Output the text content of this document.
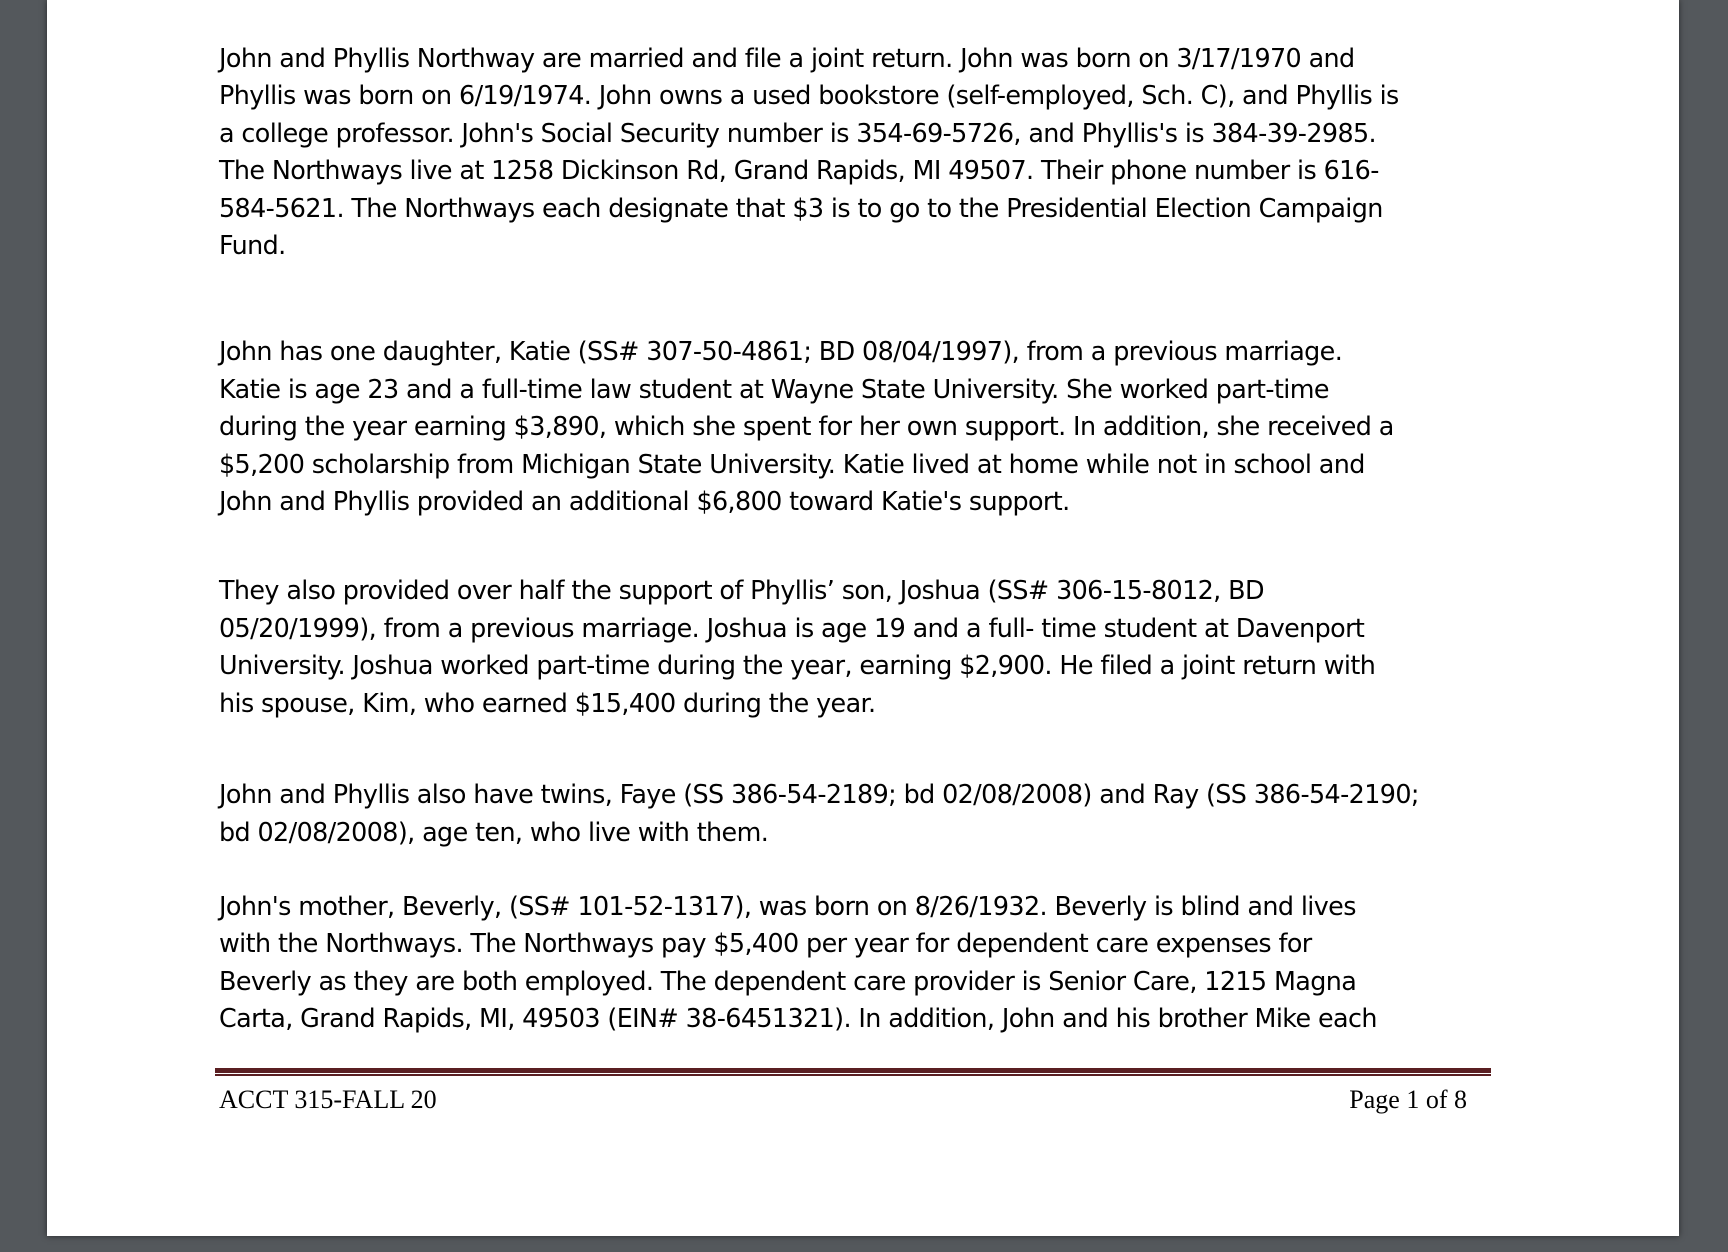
John and Phyllis Northway are married and file a joint return. John was born on 3/17/1970 and
Phyllis was born on 6/19/1974. John owns a used bookstore (self-employed, Sch. C), and Phyllis is
a college professor. John's Social Security number is 354-69-5726, and Phyllis's is 384-39-2985.
The Northways live at 1258 Dickinson Rd, Grand Rapids, MI 49507. Their phone number is 616-
584-5621. The Northways each designate that $3 is to go to the Presidential Election Campaign
Fund.

John has one daughter, Katie (SS# 307-50-4861; BD 08/04/1997), from a previous marriage.
Katie is age 23 and a full-time law student at Wayne State University. She worked part-time
during the year earning $3,890, which she spent for her own support. In addition, she received a
$5,200 scholarship from Michigan State University. Katie lived at home while not in school and
John and Phyllis provided an additional $6,800 toward Katie's support.

They also provided over half the support of Phyllis’ son, Joshua (SS# 306-15-8012, BD
05/20/1999), from a previous marriage. Joshua is age 19 and a full- time student at Davenport
University. Joshua worked part-time during the year, earning $2,900. He filed a joint return with
his spouse, Kim, who earned $15,400 during the year.

John and Phyllis also have twins, Faye (SS 386-54-2189; bd 02/08/2008) and Ray (SS 386-54-2190;
bd 02/08/2008), age ten, who live with them.

John's mother, Beverly, (SS# 101-52-1317), was born on 8/26/1932. Beverly is blind and lives
with the Northways. The Northways pay $5,400 per year for dependent care expenses for
Beverly as they are both employed. The dependent care provider is Senior Care, 1215 Magna
Carta, Grand Rapids, MI, 49503 (EIN# 38-6451321). In addition, John and his brother Mike each

ACCT 315-FALL 20	Page 1 of 8
